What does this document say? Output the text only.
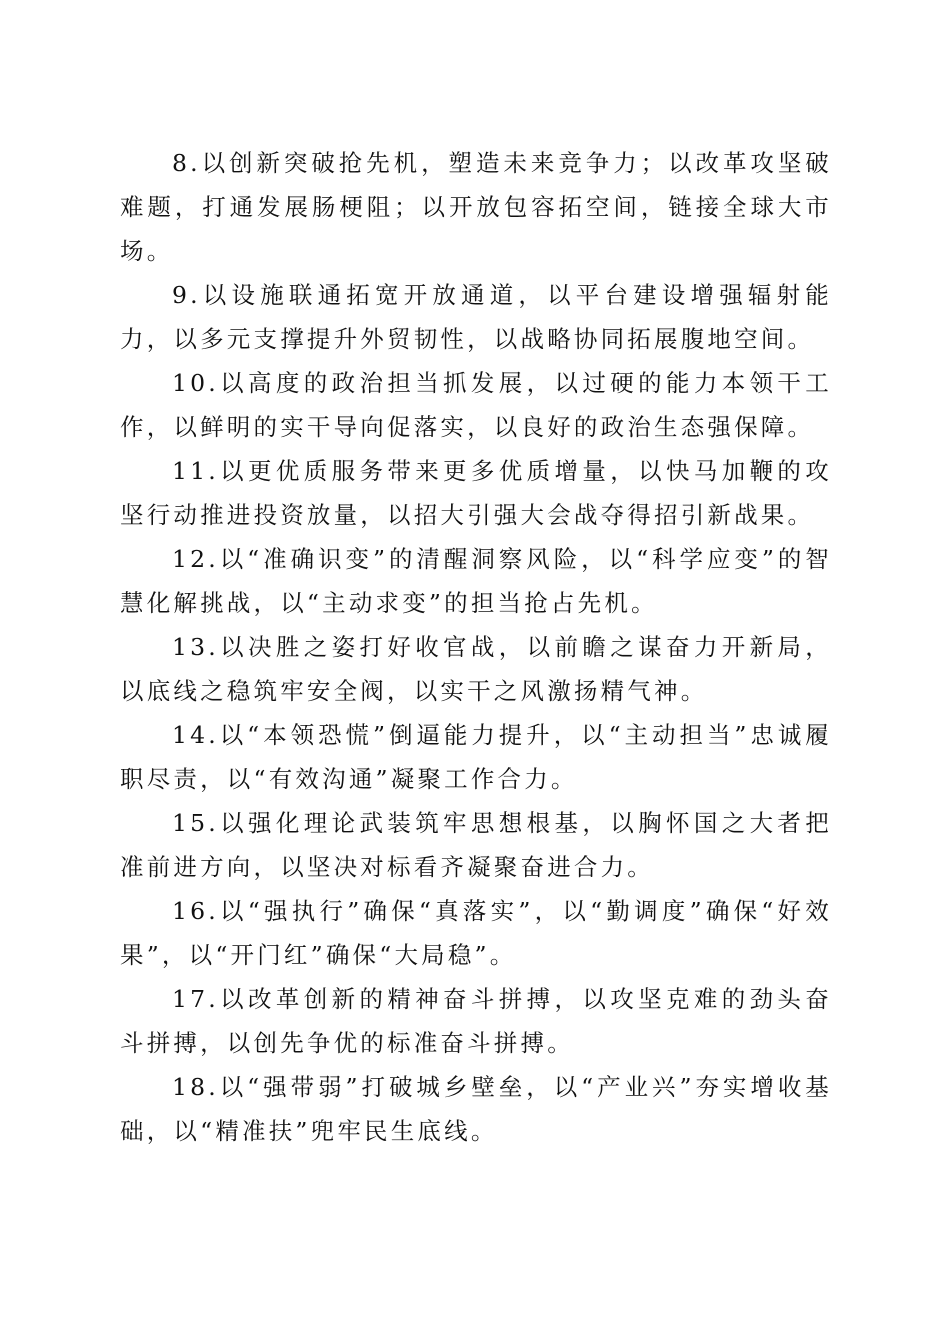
8.以创新突破抢先机，塑造未来竞争力；以改革攻坚破难题，打通发展肠梗阻；以开放包容拓空间，链接全球大市场。

9.以设施联通拓宽开放通道，以平台建设增强辐射能力，以多元支撑提升外贸韧性，以战略协同拓展腹地空间。

10.以高度的政治担当抓发展，以过硬的能力本领干工作，以鲜明的实干导向促落实，以良好的政治生态强保障。

11.以更优质服务带来更多优质增量，以快马加鞭的攻坚行动推进投资放量，以招大引强大会战夺得招引新战果。

12.以“准确识变”的清醒洞察风险，以“科学应变”的智慧化解挑战，以“主动求变”的担当抢占先机。

13.以决胜之姿打好收官战，以前瞻之谋奋力开新局，以底线之稳筑牢安全阀，以实干之风激扬精气神。

14.以“本领恐慌”倒逼能力提升，以“主动担当”忠诚履职尽责，以“有效沟通”凝聚工作合力。

15.以强化理论武装筑牢思想根基，以胸怀国之大者把准前进方向，以坚决对标看齐凝聚奋进合力。

16.以“强执行”确保“真落实”，以“勤调度”确保“好效果”，以“开门红”确保“大局稳”。

17.以改革创新的精神奋斗拼搏，以攻坚克难的劲头奋斗拼搏，以创先争优的标准奋斗拼搏。

18.以“强带弱”打破城乡壁垒，以“产业兴”夯实增收基础，以“精准扶”兜牢民生底线。
